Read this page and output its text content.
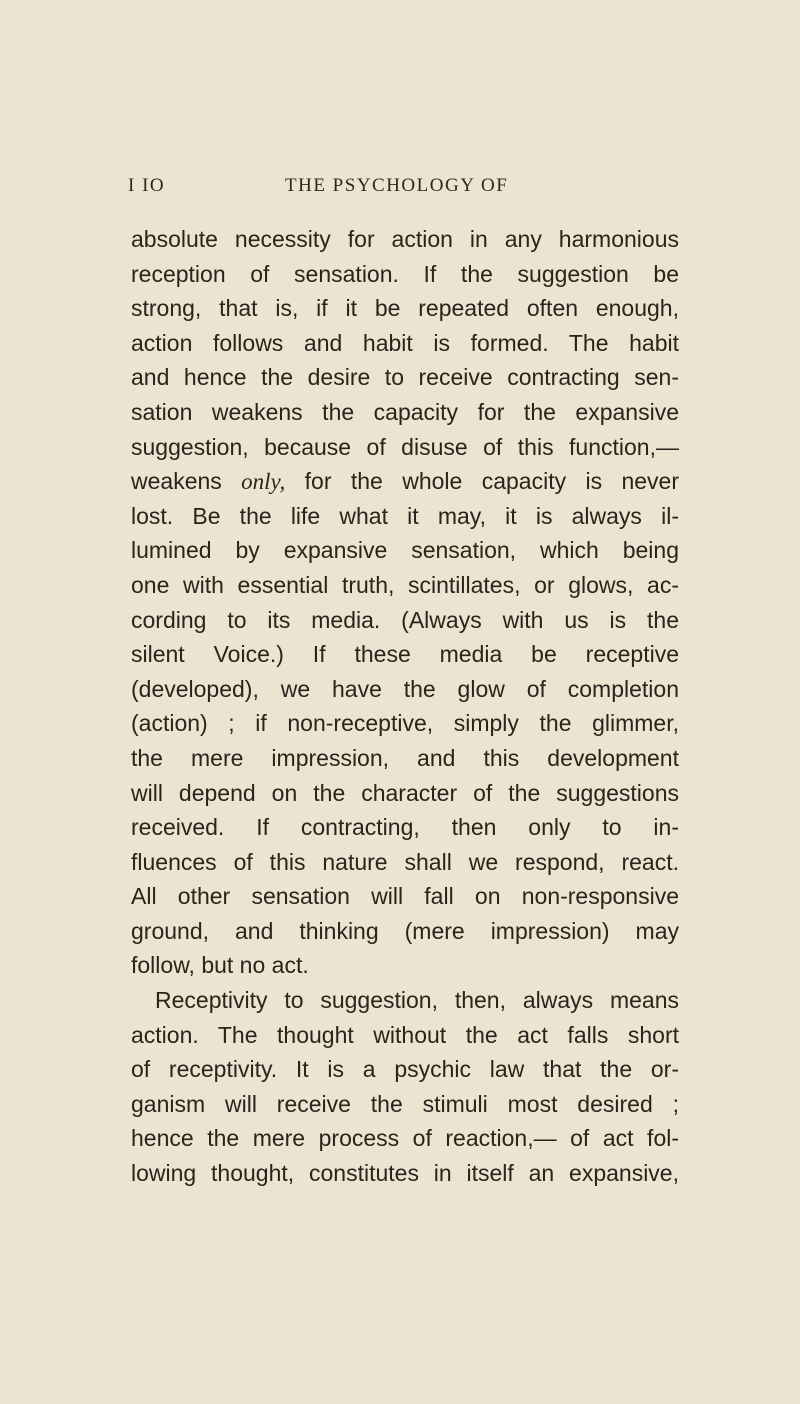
I IO	THE PSYCHOLOGY OF
absolute necessity for action in any harmonious
reception of sensation. If the suggestion be
strong, that is, if it be repeated often enough,
action follows and habit is formed. The habit
and hence the desire to receive contracting sen-
sation weakens the capacity for the expansive
suggestion, because of disuse of this function,—
weakens only, for the whole capacity is never
lost. Be the life what it may, it is always il-
lumined by expansive sensation, which being
one with essential truth, scintillates, or glows, ac-
cording to its media. (Always with us is the
silent Voice.) If these media be receptive
(developed), we have the glow of completion
(action) ; if non-receptive, simply the glimmer,
the mere impression, and this development
will depend on the character of the suggestions
received. If contracting, then only to in-
fluences of this nature shall we respond, react.
All other sensation will fall on non-responsive
ground, and thinking (mere impression) may
follow, but no act.
Receptivity to suggestion, then, always means
action. The thought without the act falls short
of receptivity. It is a psychic law that the or-
ganism will receive the stimuli most desired ;
hence the mere process of reaction,— of act fol-
lowing thought, constitutes in itself an expansive,
